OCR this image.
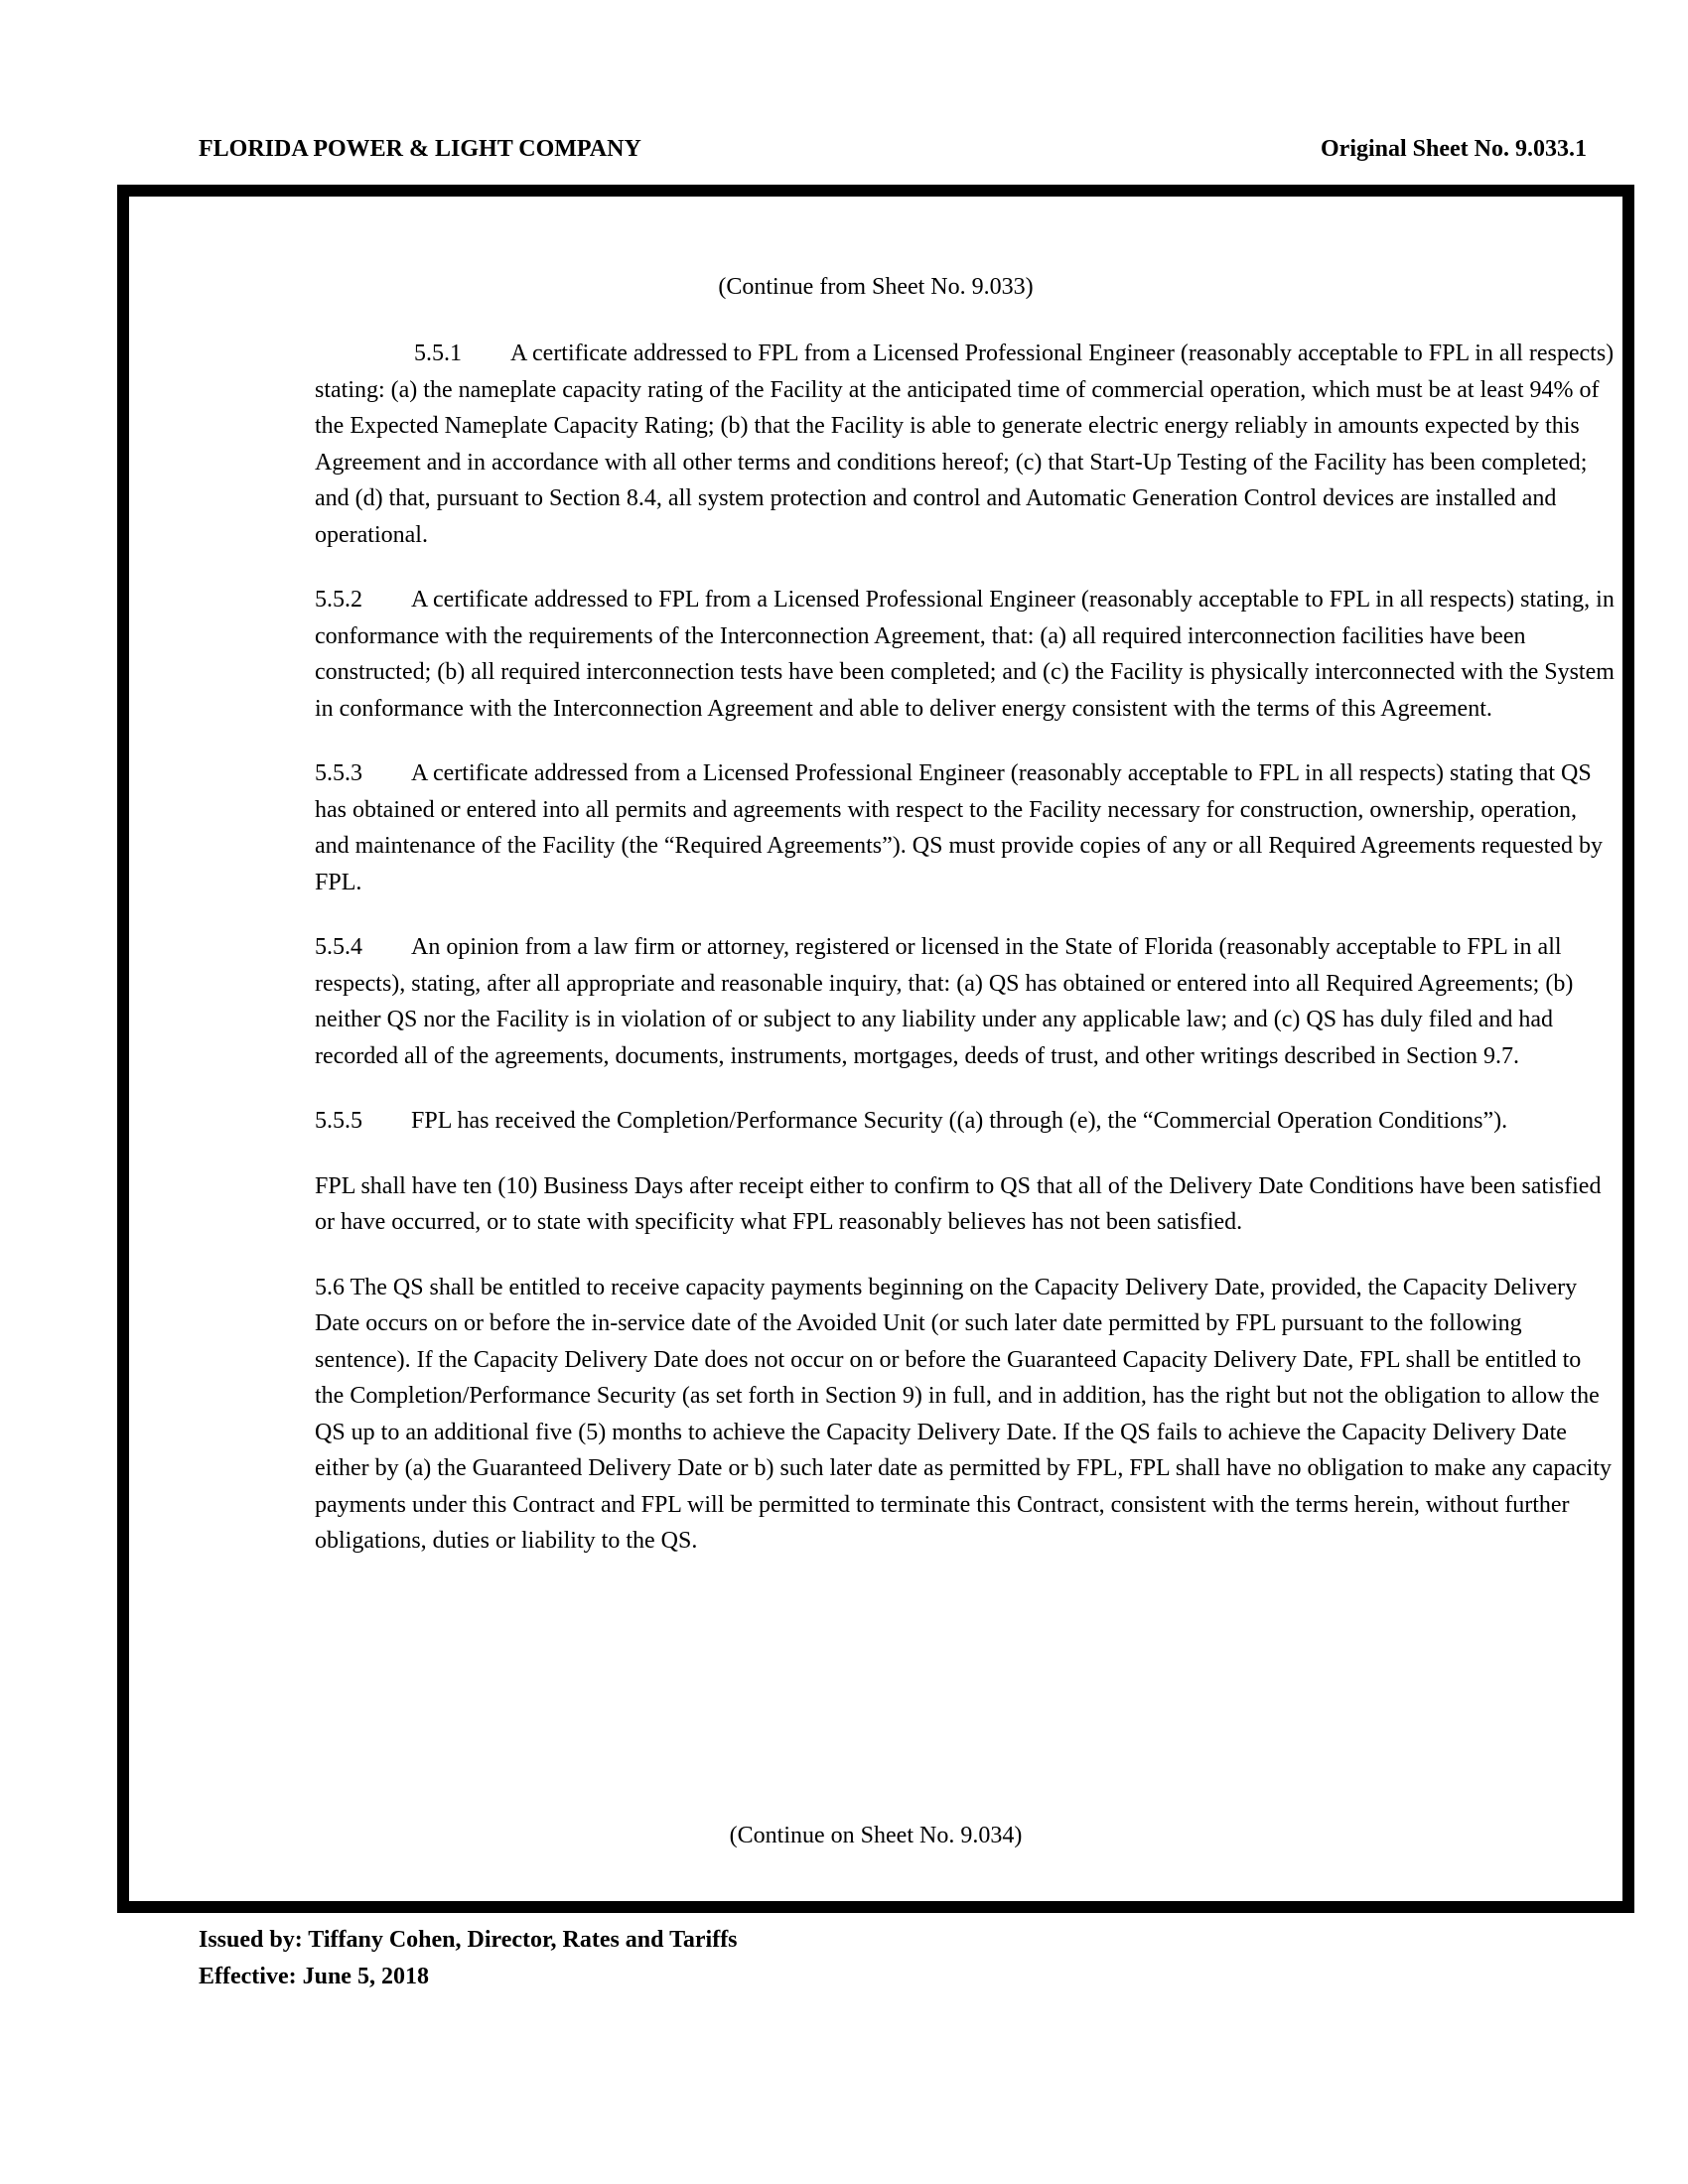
FLORIDA POWER & LIGHT COMPANY	Original Sheet No. 9.033.1
(Continue from Sheet No. 9.033)

5.5.1 A certificate addressed to FPL from a Licensed Professional Engineer (reasonably acceptable to FPL in all respects) stating: (a) the nameplate capacity rating of the Facility at the anticipated time of commercial operation, which must be at least 94% of the Expected Nameplate Capacity Rating; (b) that the Facility is able to generate electric energy reliably in amounts expected by this Agreement and in accordance with all other terms and conditions hereof; (c) that Start-Up Testing of the Facility has been completed; and (d) that, pursuant to Section 8.4, all system protection and control and Automatic Generation Control devices are installed and operational.

5.5.2 A certificate addressed to FPL from a Licensed Professional Engineer (reasonably acceptable to FPL in all respects) stating, in conformance with the requirements of the Interconnection Agreement, that: (a) all required interconnection facilities have been constructed; (b) all required interconnection tests have been completed; and (c) the Facility is physically interconnected with the System in conformance with the Interconnection Agreement and able to deliver energy consistent with the terms of this Agreement.

5.5.3 A certificate addressed from a Licensed Professional Engineer (reasonably acceptable to FPL in all respects) stating that QS has obtained or entered into all permits and agreements with respect to the Facility necessary for construction, ownership, operation, and maintenance of the Facility (the “Required Agreements”). QS must provide copies of any or all Required Agreements requested by FPL.

5.5.4 An opinion from a law firm or attorney, registered or licensed in the State of Florida (reasonably acceptable to FPL in all respects), stating, after all appropriate and reasonable inquiry, that: (a) QS has obtained or entered into all Required Agreements; (b) neither QS nor the Facility is in violation of or subject to any liability under any applicable law; and (c) QS has duly filed and had recorded all of the agreements, documents, instruments, mortgages, deeds of trust, and other writings described in Section 9.7.

5.5.5 FPL has received the Completion/Performance Security ((a) through (e), the “Commercial Operation Conditions”).

FPL shall have ten (10) Business Days after receipt either to confirm to QS that all of the Delivery Date Conditions have been satisfied or have occurred, or to state with specificity what FPL reasonably believes has not been satisfied.

5.6 The QS shall be entitled to receive capacity payments beginning on the Capacity Delivery Date, provided, the Capacity Delivery Date occurs on or before the in-service date of the Avoided Unit (or such later date permitted by FPL pursuant to the following sentence). If the Capacity Delivery Date does not occur on or before the Guaranteed Capacity Delivery Date, FPL shall be entitled to the Completion/Performance Security (as set forth in Section 9) in full, and in addition, has the right but not the obligation to allow the QS up to an additional five (5) months to achieve the Capacity Delivery Date. If the QS fails to achieve the Capacity Delivery Date either by (a) the Guaranteed Delivery Date or b) such later date as permitted by FPL, FPL shall have no obligation to make any capacity payments under this Contract and FPL will be permitted to terminate this Contract, consistent with the terms herein, without further obligations, duties or liability to the QS.

(Continue on Sheet No. 9.034)
Issued by: Tiffany Cohen, Director, Rates and Tariffs
Effective: June 5, 2018
